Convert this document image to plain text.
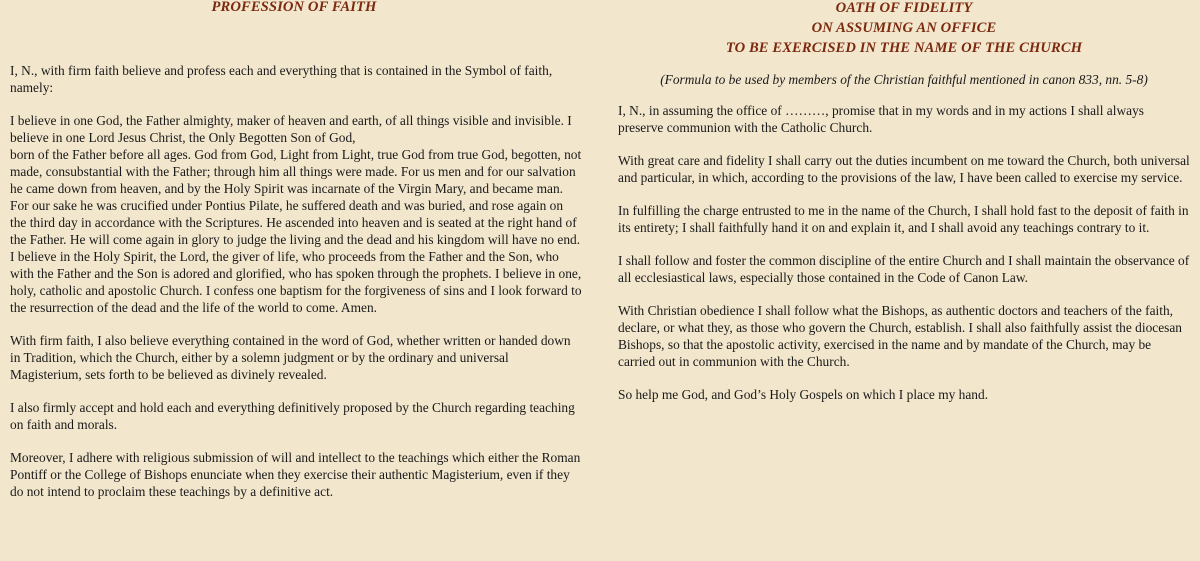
PROFESSION OF FAITH

I, N., with firm faith believe and profess each and everything that is contained in the Symbol of faith, namely:

I believe in one God, the Father almighty, maker of heaven and earth, of all things visible and invisible. I believe in one Lord Jesus Christ, the Only Begotten Son of God,
born of the Father before all ages. God from God, Light from Light, true God from true God, begotten, not made, consubstantial with the Father; through him all things were made. For us men and for our salvation he came down from heaven, and by the Holy Spirit was incarnate of the Virgin Mary, and became man. For our sake he was crucified under Pontius Pilate, he suffered death and was buried, and rose again on the third day in accordance with the Scriptures. He ascended into heaven and is seated at the right hand of the Father. He will come again in glory to judge the living and the dead and his kingdom will have no end. I believe in the Holy Spirit, the Lord, the giver of life, who proceeds from the Father and the Son, who with the Father and the Son is adored and glorified, who has spoken through the prophets. I believe in one, holy, catholic and apostolic Church. I confess one baptism for the forgiveness of sins and I look forward to the resurrection of the dead and the life of the world to come. Amen.

With firm faith, I also believe everything contained in the word of God, whether written or handed down in Tradition, which the Church, either by a solemn judgment or by the ordinary and universal Magisterium, sets forth to be believed as divinely revealed.

I also firmly accept and hold each and everything definitively proposed by the Church regarding teaching on faith and morals.

Moreover, I adhere with religious submission of will and intellect to the teachings which either the Roman Pontiff or the College of Bishops enunciate when they exercise their authentic Magisterium, even if they do not intend to proclaim these teachings by a definitive act.

OATH OF FIDELITY
ON ASSUMING AN OFFICE
TO BE EXERCISED IN THE NAME OF THE CHURCH

(Formula to be used by members of the Christian faithful mentioned in canon 833, nn. 5-8)

I, N., in assuming the office of ………, promise that in my words and in my actions I shall always preserve communion with the Catholic Church.

With great care and fidelity I shall carry out the duties incumbent on me toward the Church, both universal and particular, in which, according to the provisions of the law, I have been called to exercise my service.

In fulfilling the charge entrusted to me in the name of the Church, I shall hold fast to the deposit of faith in its entirety; I shall faithfully hand it on and explain it, and I shall avoid any teachings contrary to it.

I shall follow and foster the common discipline of the entire Church and I shall maintain the observance of all ecclesiastical laws, especially those contained in the Code of Canon Law.

With Christian obedience I shall follow what the Bishops, as authentic doctors and teachers of the faith, declare, or what they, as those who govern the Church, establish. I shall also faithfully assist the diocesan Bishops, so that the apostolic activity, exercised in the name and by mandate of the Church, may be carried out in communion with the Church.

So help me God, and God’s Holy Gospels on which I place my hand.
